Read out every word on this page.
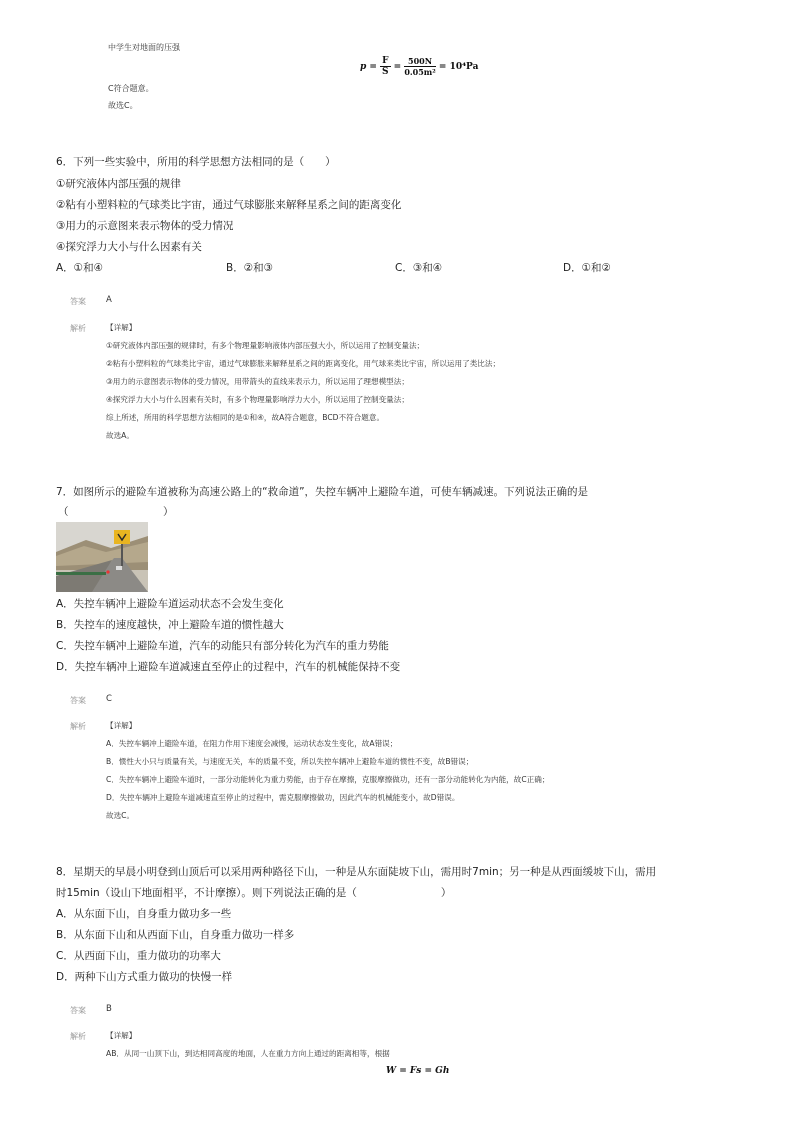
中学生对地面的压强
$p = \frac{F}{S} = \frac{500N}{\text{0.05m²}} = 10^4Pa$
C符合题意。
故选C。
6．下列一些实验中，所用的科学思想方法相同的是（　　）
①研究液体内部压强的规律
②粘有小塑料粒的气球类比宇宙，通过气球膨胀来解释星系之间的距离变化
③用力的示意图来表示物体的受力情况
④探究浮力大小与什么因素有关
A．①和④	B．②和③	C．③和④	D．①和②
答案 A
解析	【详解】
①研究液体内部压强的规律时，有多个物理量影响液体内部压强大小，所以运用了控制变量法；
②粘有小塑料粒的气球类比宇宙，通过气球膨胀来解释星系之间的距离变化，用气球来类比宇宙，所以运用了类比法；
③用力的示意图表示物体的受力情况，用带箭头的直线来表示力，所以运用了理想模型法；
④探究浮力大小与什么因素有关时，有多个物理量影响浮力大小，所以运用了控制变量法；
综上所述，所用的科学思想方法相同的是①和④，故A符合题意，BCD不符合题意。
故选A。
7．如图所示的避险车道被称为高速公路上的“救命道”，失控车辆冲上避险车道，可使车辆减速。下列说法正确的是
（　　　　　　　　　）
A．失控车辆冲上避险车道运动状态不会发生变化
B．失控车的速度越快，冲上避险车道的惯性越大
C．失控车辆冲上避险车道，汽车的动能只有部分转化为汽车的重力势能
D．失控车辆冲上避险车道减速直至停止的过程中，汽车的机械能保持不变
答案 C
解析	【详解】
A．失控车辆冲上避险车道，在阻力作用下速度会减慢，运动状态发生变化，故A错误；
B．惯性大小只与质量有关，与速度无关，车的质量不变，所以失控车辆冲上避险车道的惯性不变，故B错误；
C．失控车辆冲上避险车道时，一部分动能转化为重力势能，由于存在摩擦，克服摩擦做功，还有一部分动能转化为内能，故C正确；
D．失控车辆冲上避险车道减速直至停止的过程中，需克服摩擦做功，因此汽车的机械能变小，故D错误。
故选C。
8．星期天的早晨小明登到山顶后可以采用两种路径下山，一种是从东面陡坡下山，需用时7min；另一种是从西面缓坡下山，需用
时15min（设山下地面相平，不计摩擦）。则下列说法正确的是（　　　　　　　　）
A．从东面下山，自身重力做功多一些
B．从东面下山和从西面下山，自身重力做功一样多
C．从西面下山，重力做功的功率大
D．两种下山方式重力做功的快慢一样
答案 B
解析	【详解】
AB．从同一山顶下山，到达相同高度的地面，人在重力方向上通过的距离相等，根据
W = Fs = Gh
